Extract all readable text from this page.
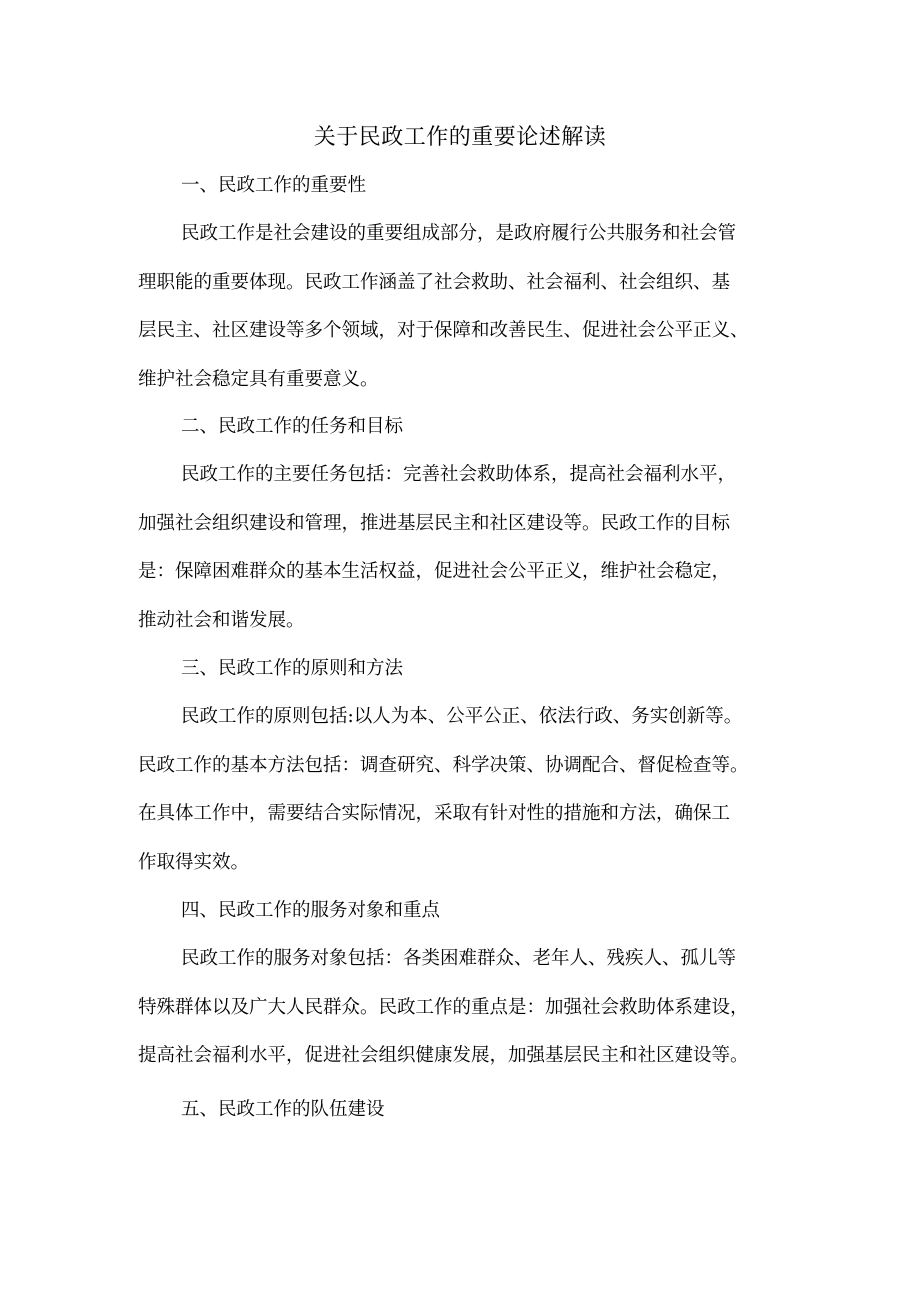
关于民政工作的重要论述解读
一、民政工作的重要性
民政工作是社会建设的重要组成部分，是政府履行公共服务和社会管
理职能的重要体现。民政工作涵盖了社会救助、社会福利、社会组织、基
层民主、社区建设等多个领域，对于保障和改善民生、促进社会公平正义、
维护社会稳定具有重要意义。
二、民政工作的任务和目标
民政工作的主要任务包括：完善社会救助体系，提高社会福利水平，
加强社会组织建设和管理，推进基层民主和社区建设等。民政工作的目标
是：保障困难群众的基本生活权益，促进社会公平正义，维护社会稳定，
推动社会和谐发展。
三、民政工作的原则和方法
民政工作的原则包括:以人为本、公平公正、依法行政、务实创新等。
民政工作的基本方法包括：调查研究、科学决策、协调配合、督促检查等。
在具体工作中，需要结合实际情况，采取有针对性的措施和方法，确保工
作取得实效。
四、民政工作的服务对象和重点
民政工作的服务对象包括：各类困难群众、老年人、残疾人、孤儿等
特殊群体以及广大人民群众。民政工作的重点是：加强社会救助体系建设，
提高社会福利水平，促进社会组织健康发展，加强基层民主和社区建设等。
五、民政工作的队伍建设
